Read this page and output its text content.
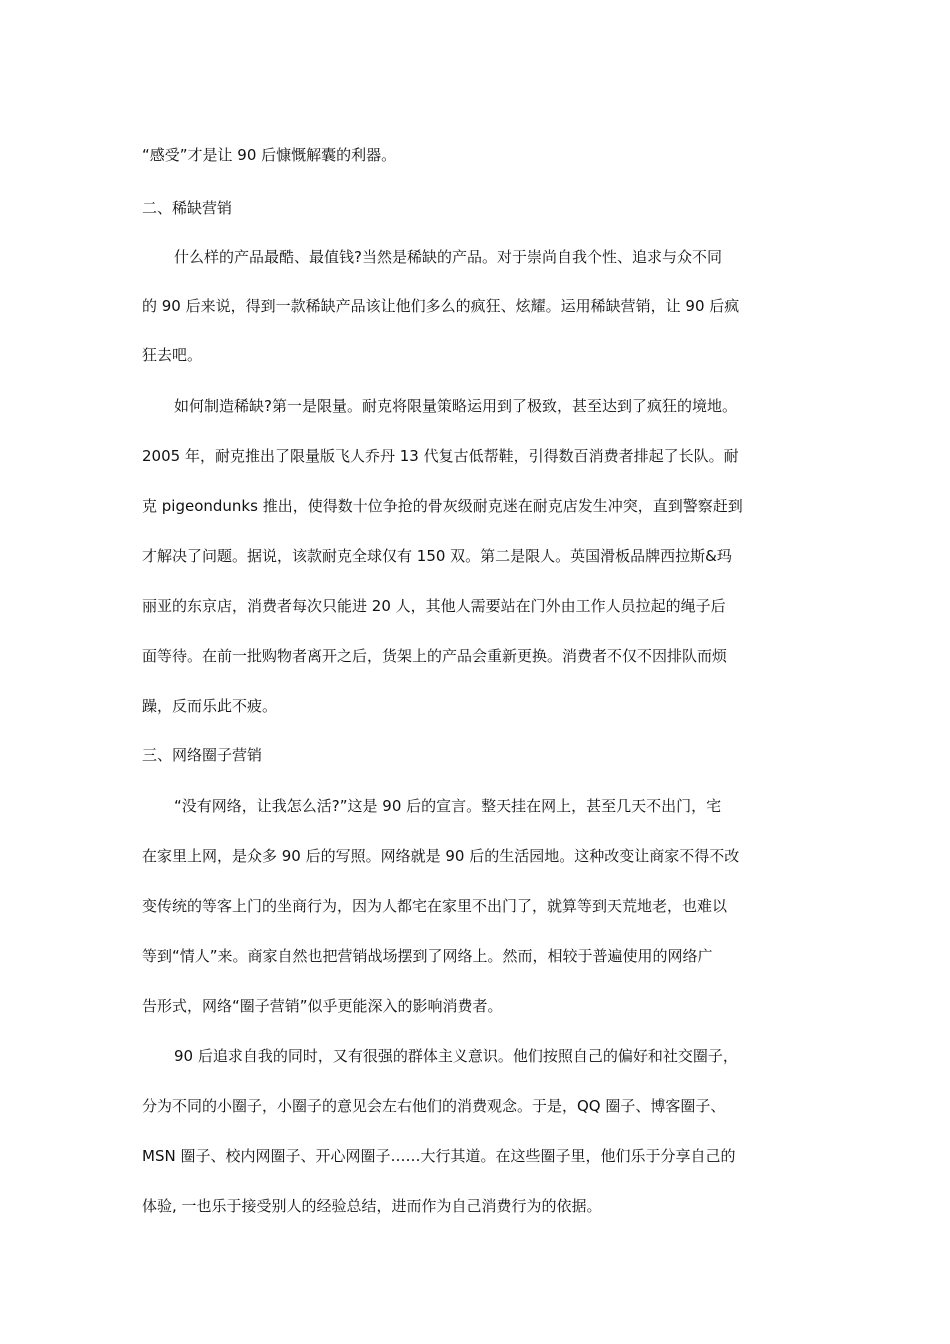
“感受”才是让 90 后慷慨解囊的利器。
二、稀缺营销
什么样的产品最酷、最值钱?当然是稀缺的产品。对于崇尚自我个性、追求与众不同
的 90 后来说，得到一款稀缺产品该让他们多么的疯狂、炫耀。运用稀缺营销，让 90 后疯
狂去吧。
如何制造稀缺?第一是限量。耐克将限量策略运用到了极致，甚至达到了疯狂的境地。
2005 年，耐克推出了限量版飞人乔丹 13 代复古低帮鞋，引得数百消费者排起了长队。耐
克 pigeondunks 推出，使得数十位争抢的骨灰级耐克迷在耐克店发生冲突，直到警察赶到
才解决了问题。据说，该款耐克全球仅有 150 双。第二是限人。英国滑板品牌西拉斯&玛
丽亚的东京店，消费者每次只能进 20 人，其他人需要站在门外由工作人员拉起的绳子后
面等待。在前一批购物者离开之后，货架上的产品会重新更换。消费者不仅不因排队而烦
躁，反而乐此不疲。
三、网络圈子营销
“没有网络，让我怎么活?”这是 90 后的宣言。整天挂在网上，甚至几天不出门，宅
在家里上网，是众多 90 后的写照。网络就是 90 后的生活园地。这种改变让商家不得不改
变传统的等客上门的坐商行为，因为人都宅在家里不出门了，就算等到天荒地老，也难以
等到“情人”来。商家自然也把营销战场摆到了网络上。然而，相较于普遍使用的网络广
告形式，网络“圈子营销”似乎更能深入的影响消费者。
90 后追求自我的同时，又有很强的群体主义意识。他们按照自己的偏好和社交圈子，
分为不同的小圈子，小圈子的意见会左右他们的消费观念。于是，QQ 圈子、博客圈子、
MSN 圈子、校内网圈子、开心网圈子……大行其道。在这些圈子里，他们乐于分享自己的
体验, 一也乐于接受别人的经验总结，进而作为自己消费行为的依据。
